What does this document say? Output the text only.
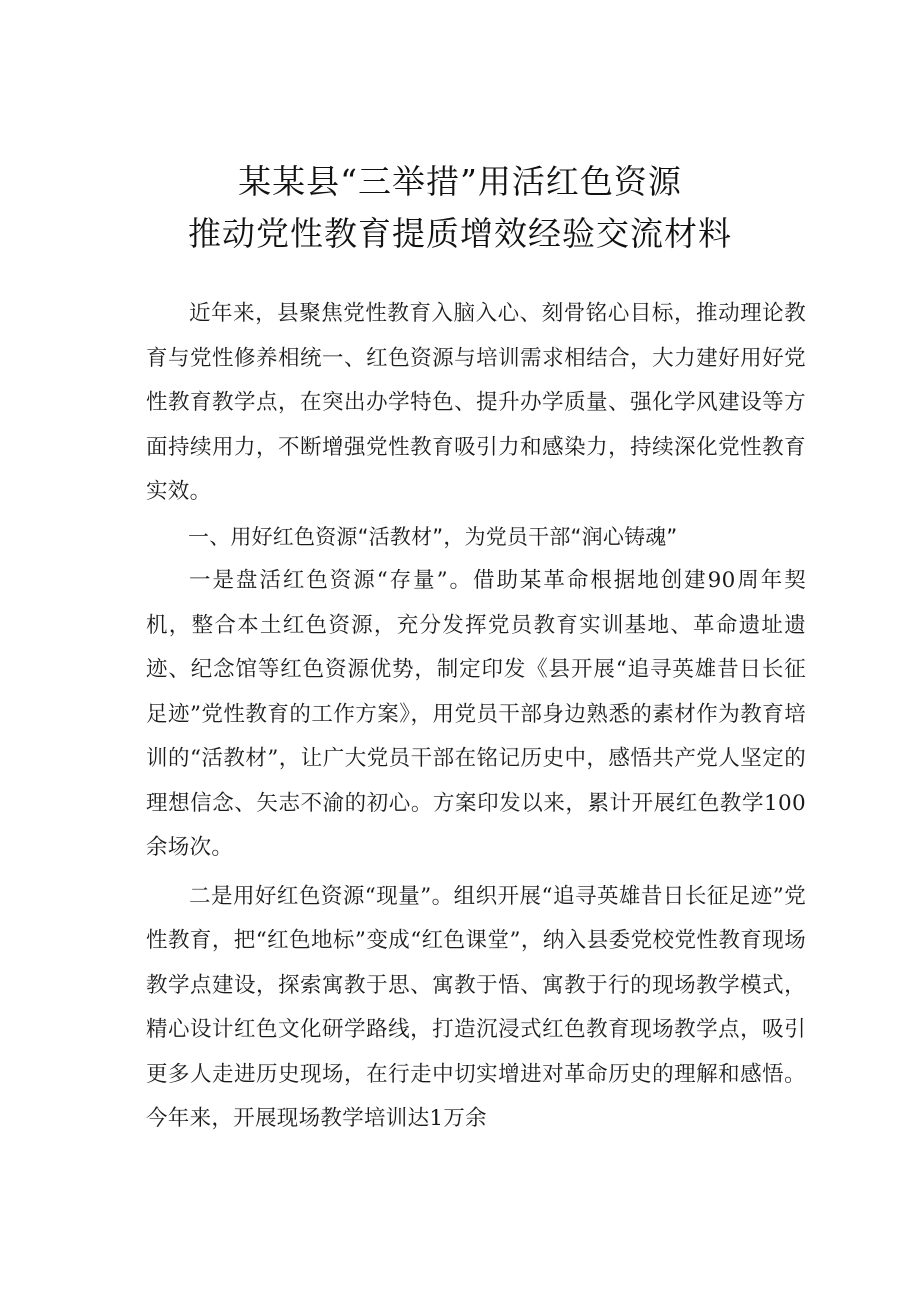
某某县“三举措”用活红色资源
推动党性教育提质增效经验交流材料

近年来，县聚焦党性教育入脑入心、刻骨铭心目标，推动理论教育与党性修养相统一、红色资源与培训需求相结合，大力建好用好党性教育教学点，在突出办学特色、提升办学质量、强化学风建设等方面持续用力，不断增强党性教育吸引力和感染力，持续深化党性教育实效。

一、用好红色资源“活教材”，为党员干部“润心铸魂”

一是盘活红色资源“存量”。借助某革命根据地创建90周年契机，整合本土红色资源，充分发挥党员教育实训基地、革命遗址遗迹、纪念馆等红色资源优势，制定印发《县开展“追寻英雄昔日长征足迹”党性教育的工作方案》，用党员干部身边熟悉的素材作为教育培训的“活教材”，让广大党员干部在铭记历史中，感悟共产党人坚定的理想信念、矢志不渝的初心。方案印发以来，累计开展红色教学100余场次。

二是用好红色资源“现量”。组织开展“追寻英雄昔日长征足迹”党性教育，把“红色地标”变成“红色课堂”，纳入县委党校党性教育现场教学点建设，探索寓教于思、寓教于悟、寓教于行的现场教学模式，精心设计红色文化研学路线，打造沉浸式红色教育现场教学点，吸引更多人走进历史现场，在行走中切实增进对革命历史的理解和感悟。今年来，开展现场教学培训达1万余
